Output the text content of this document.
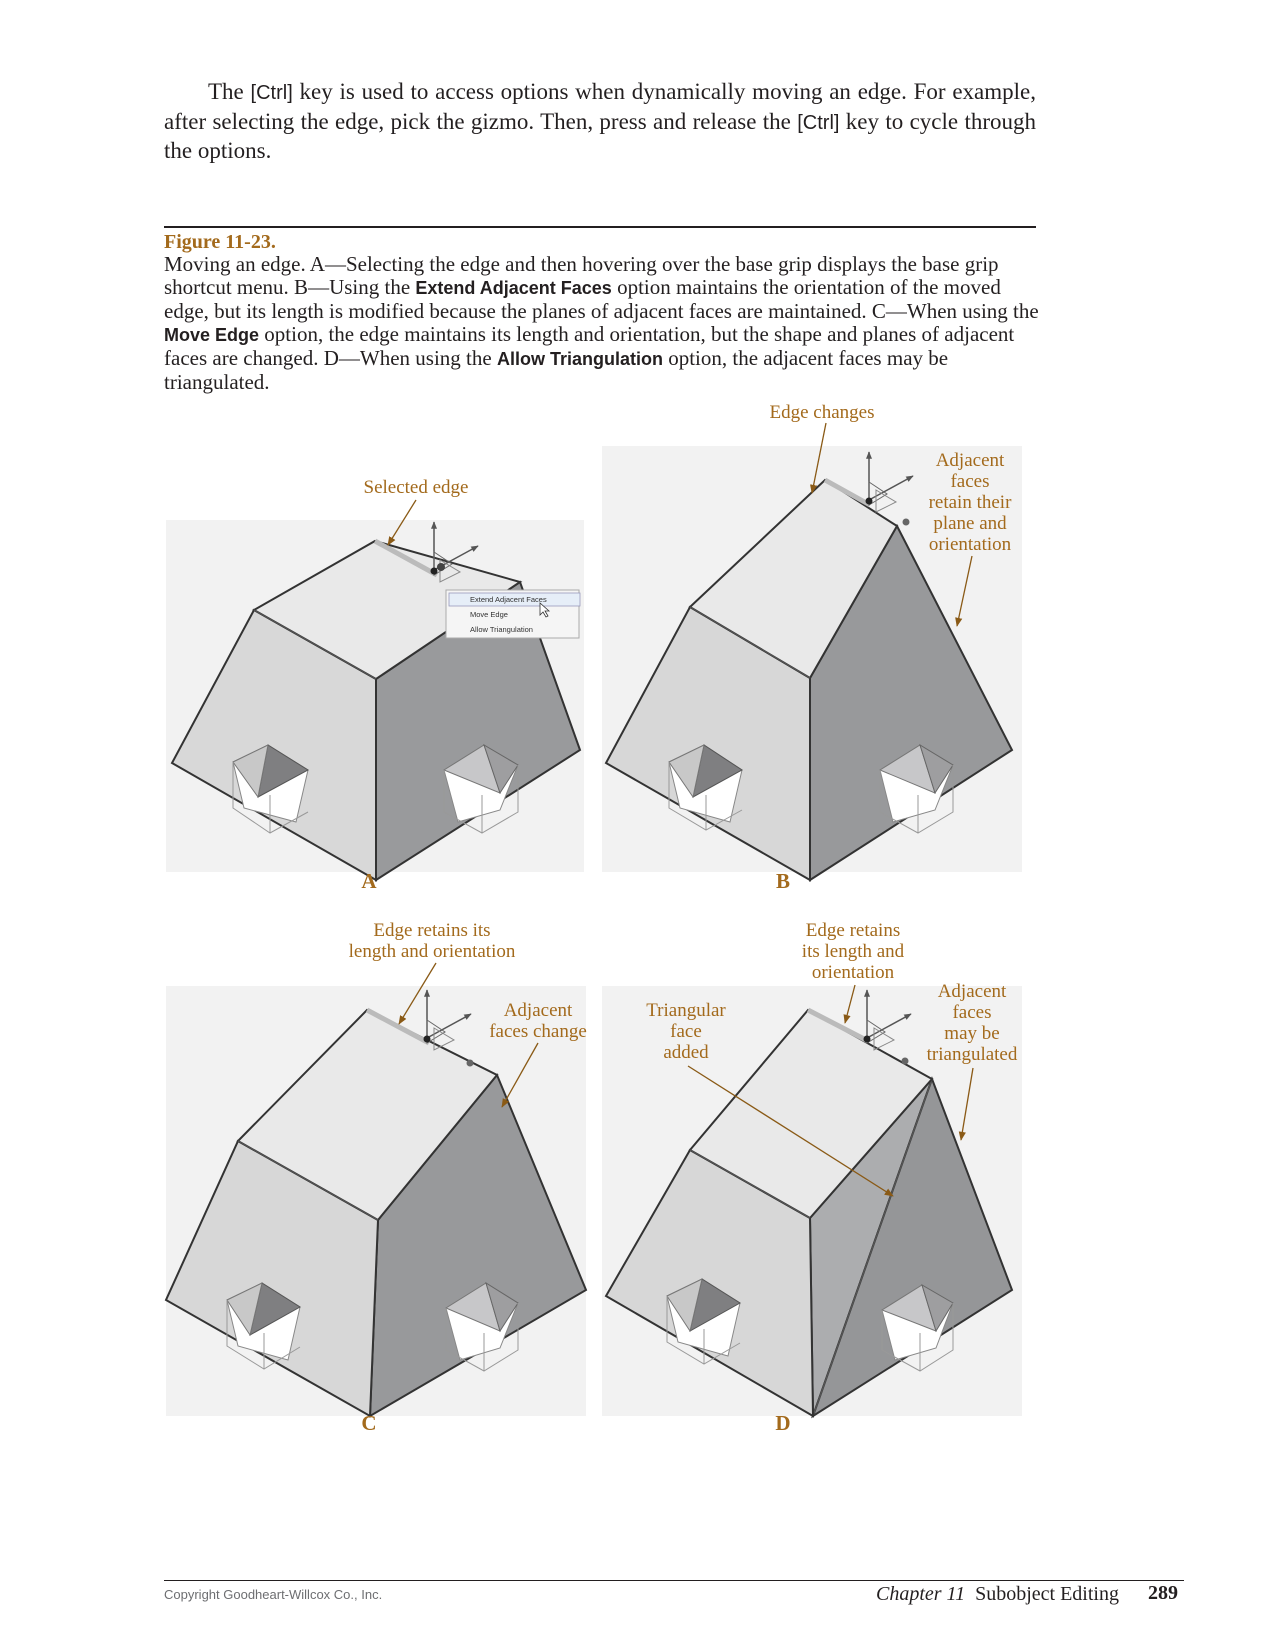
The [Ctrl] key is used to access options when dynamically moving an edge. For example, after selecting the edge, pick the gizmo. Then, press and release the [Ctrl] key to cycle through the options.

Figure 11-23.

Moving an edge. A—Selecting the edge and then hovering over the base grip displays the base grip shortcut menu. B—Using the Extend Adjacent Faces option maintains the orientation of the moved edge, but its length is modified because the planes of adjacent faces are maintained. C—When using the Move Edge option, the edge maintains its length and orientation, but the shape and planes of adjacent faces are changed. D—When using the Allow Triangulation option, the adjacent faces may be triangulated.

Extend Adjacent Faces
Move Edge
Allow Triangulation
Selected edge
A
Edge changes
Adjacent
faces
retain their
plane and
orientation
B
Edge retains its
length and orientation
Adjacent
faces change
C
Triangular
face
added
Edge retains
its length and
orientation
Adjacent
faces
may be
triangulated
D
Copyright Goodheart-Willcox Co., Inc.	Chapter 11 Subobject Editing 289
